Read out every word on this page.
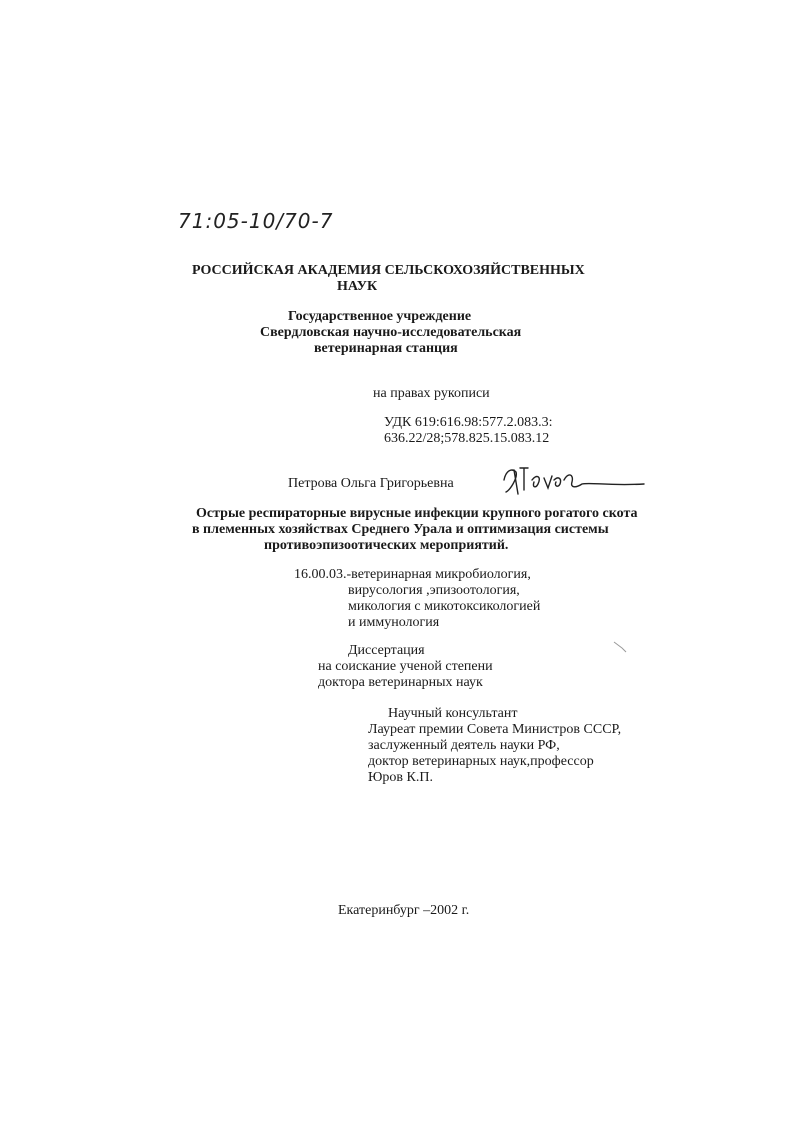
71:05-10/70-7
РОССИЙСКАЯ АКАДЕМИЯ СЕЛЬСКОХОЗЯЙСТВЕННЫХ
НАУК
Государственное учреждение
Свердловская научно-исследовательская
ветеринарная станция
на правах рукописи
УДК 619:616.98:577.2.083.3:
636.22/28;578.825.15.083.12
Петрова Ольга Григорьевна
Острые респираторные вирусные инфекции крупного рогатого скота
в племенных хозяйствах Среднего Урала и оптимизация системы
противоэпизоотических мероприятий.
16.00.03.-ветеринарная микробиология,
вирусология ,эпизоотология,
микология с микотоксикологией
и иммунология
Диссертация
на соискание ученой степени
доктора ветеринарных наук
Научный консультант
Лауреат премии Совета Министров СССР,
заслуженный деятель науки РФ,
доктор ветеринарных наук,профессор
Юров К.П.
Екатеринбург –2002 г.
